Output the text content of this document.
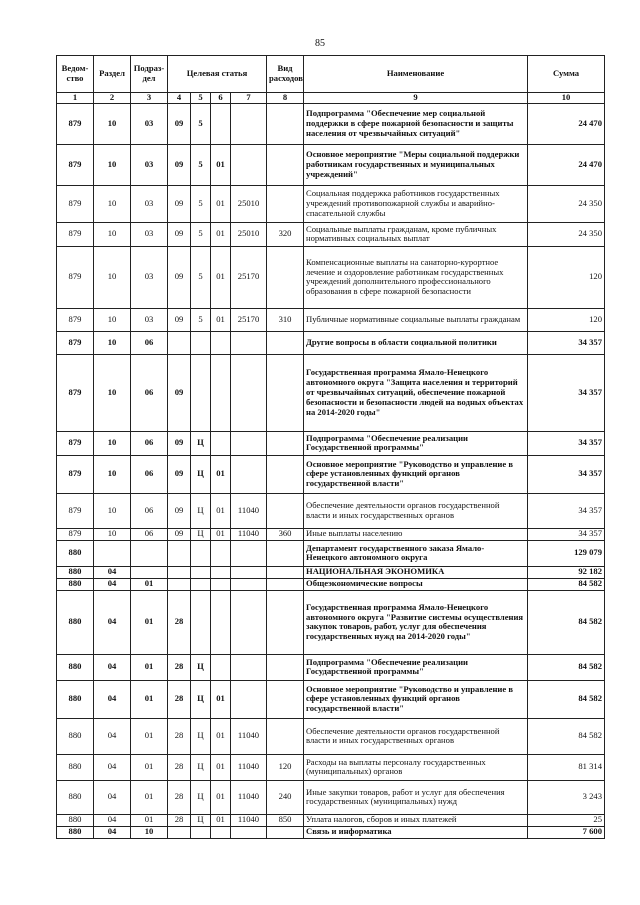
85
Ведом-ство	Раздел	Подраз-дел	Целевая статья				Вид расходов	Наименование	Сумма
1	2	3	4	5	6	7	8	9	10
879	10	03	09	5				Подпрограмма "Обеспечение мер социальной поддержки в сфере пожарной безопасности и защиты населения от чрезвычайных ситуаций"	24 470
879	10	03	09	5	01			Основное мероприятие "Меры социальной поддержки работникам государственных и муниципальных учреждений"	24 470
879	10	03	09	5	01	25010		Социальная поддержка работников государственных учреждений противопожарной службы и аварийно-спасательной службы	24 350
879	10	03	09	5	01	25010	320	Социальные выплаты гражданам, кроме публичных нормативных социальных выплат	24 350
879	10	03	09	5	01	25170		Компенсационные выплаты на санаторно-курортное лечение и оздоровление работникам государственных учреждений дополнительного профессионального образования в сфере пожарной безопасности	120
879	10	03	09	5	01	25170	310	Публичные нормативные социальные выплаты гражданам	120
879	10	06						Другие вопросы в области социальной политики	34 357
879	10	06	09					Государственная программа Ямало-Ненецкого автономного округа "Защита населения и территорий от чрезвычайных ситуаций, обеспечение пожарной безопасности и безопасности людей на водных объектах на 2014-2020 годы"	34 357
879	10	06	09	Ц				Подпрограмма "Обеспечение реализации Государственной программы"	34 357
879	10	06	09	Ц	01			Основное мероприятие "Руководство и управление в сфере установленных функций органов государственной власти"	34 357
879	10	06	09	Ц	01	11040		Обеспечение деятельности органов государственной власти и иных государственных органов	34 357
879	10	06	09	Ц	01	11040	360	Иные выплаты населению	34 357
880								Департамент государственного заказа Ямало-Ненецкого автономного округа	129 079
880	04							НАЦИОНАЛЬНАЯ ЭКОНОМИКА	92 182
880	04	01						Общеэкономические вопросы	84 582
880	04	01	28					Государственная программа Ямало-Ненецкого автономного округа "Развитие системы осуществления закупок товаров, работ, услуг для обеспечения государственных нужд на 2014-2020 годы"	84 582
880	04	01	28	Ц				Подпрограмма "Обеспечение реализации Государственной программы"	84 582
880	04	01	28	Ц	01			Основное мероприятие "Руководство и управление в сфере установленных функций органов государственной власти"	84 582
880	04	01	28	Ц	01	11040		Обеспечение деятельности органов государственной власти и иных государственных органов	84 582
880	04	01	28	Ц	01	11040	120	Расходы на выплаты персоналу государственных (муниципальных) органов	81 314
880	04	01	28	Ц	01	11040	240	Иные закупки товаров, работ и услуг для обеспечения государственных (муниципальных) нужд	3 243
880	04	01	28	Ц	01	11040	850	Уплата налогов, сборов и иных платежей	25
880	04	10						Связь и информатика	7 600
